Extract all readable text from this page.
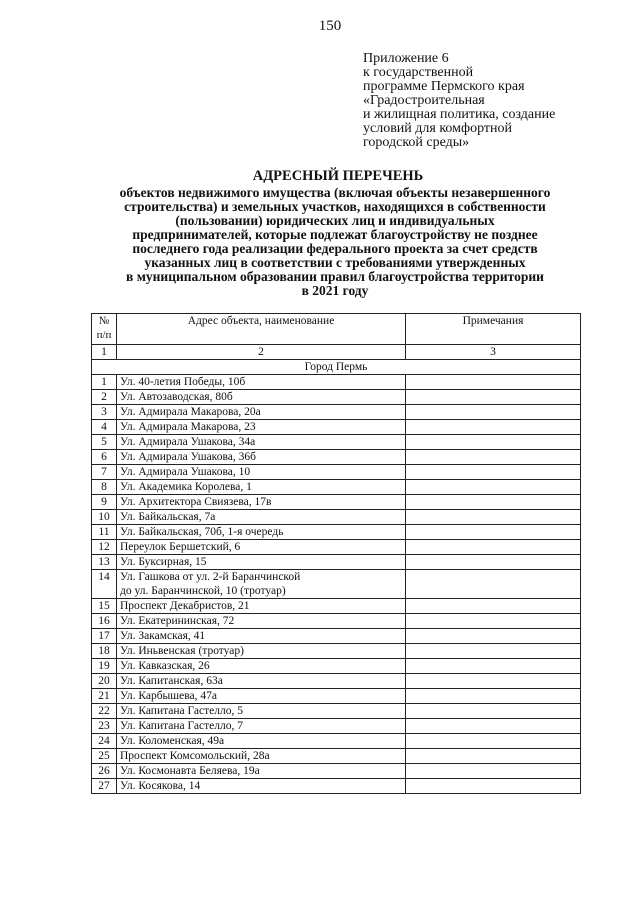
150
Приложение 6
к государственной
программе Пермского края
«Градостроительная
и жилищная политика, создание
условий для комфортной
городской среды»
АДРЕСНЫЙ ПЕРЕЧЕНЬ
объектов недвижимого имущества (включая объекты незавершенного
строительства) и земельных участков, находящихся в собственности
(пользовании) юридических лиц и индивидуальных
предпринимателей, которые подлежат благоустройству не позднее
последнего года реализации федерального проекта за счет средств
указанных лиц в соответствии с требованиями утвержденных
в муниципальном образовании правил благоустройства территории
в 2021 году
№
п/п	Адрес объекта, наименование	Примечания
1	2	3
Город Пермь		
1	Ул. 40-летия Победы, 10б	

2	Ул. Автозаводская, 80б	

3	Ул. Адмирала Макарова, 20а	

4	Ул. Адмирала Макарова, 23	

5	Ул. Адмирала Ушакова, 34а	

6	Ул. Адмирала Ушакова, 36б	

7	Ул. Адмирала Ушакова, 10	

8	Ул. Академика Королева, 1	

9	Ул. Архитектора Свиязева, 17в	

10	Ул. Байкальская, 7а	

11	Ул. Байкальская, 70б, 1-я очередь	

12	Переулок Бершетский, 6	

13	Ул. Буксирная, 15	

14	Ул. Гашкова от ул. 2-й Баранчинской
до ул. Баранчинской, 10 (тротуар)	

15	Проспект Декабристов, 21	

16	Ул. Екатерининская, 72	

17	Ул. Закамская, 41	

18	Ул. Иньвенская (тротуар)	

19	Ул. Кавказская, 26	

20	Ул. Капитанская, 63а	

21	Ул. Карбышева, 47а	

22	Ул. Капитана Гастелло, 5	

23	Ул. Капитана Гастелло, 7	

24	Ул. Коломенская, 49а	

25	Проспект Комсомольский, 28а	

26	Ул. Космонавта Беляева, 19а	

27	Ул. Косякова, 14	
